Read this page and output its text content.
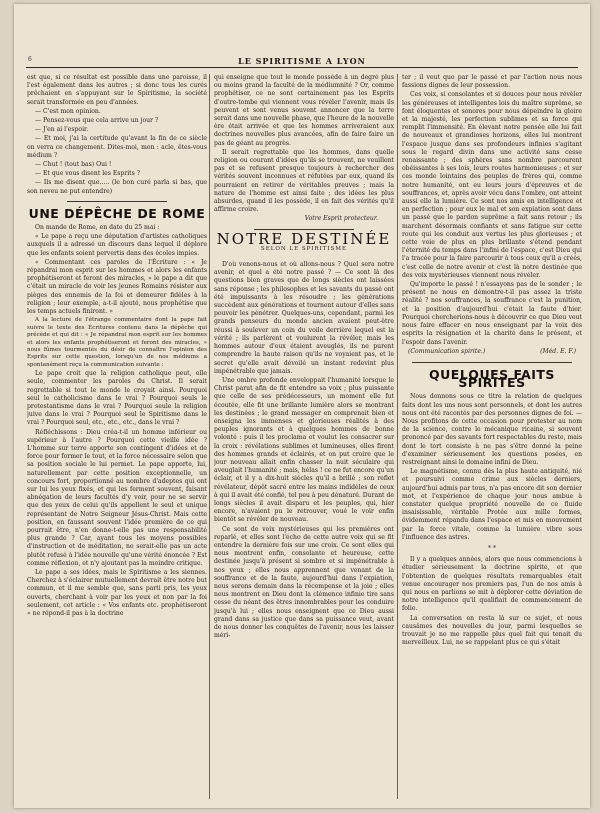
6	LE SPIRITISME A LYON

est que, si ce résultat est possible dans une paroisse, il l'est également dans les autres ; si donc tous les curés prêchaient en s'appuyant sur le Spiritisme, la société serait transformée en peu d'années.

— C'est mon opinion.

— Pensez-vous que cela arrive un jour ?

— J'en ai l'espoir.

— Et moi, j'ai la certitude qu'avant la fin de ce siècle on verra ce changement. Dites-moi, mon : acle, êtes-vous médium ?

— Chut ! (tout bas) Oui !

— Et que vous disent les Esprits ?

— Ils me disent que..... (le bon curé parla si bas, que son neveu ne put entendre)

UNE DÉPÊCHE DE ROME

On mande de Rome, en date du 25 mai :

« Le pape a reçu une députation d'artistes catholiques auxquels il a adressé un discours dans lequel il déplore que les enfants soient pervertis dans des écoles impies.

« Commentant ces paroles de l'Écriture : « Je répandrai mon esprit sur les hommes et alors les enfants prophétiseront et feront des miracles, » le pape a dit que c'était un miracle de voir les jeunes Romains résister aux pièges des ennemis de la foi et demeurer fidèles à la religion ; leur exemple, a-t-il ajouté, nous prophétise que les temps actuels finiront. »

A la lecture de l'étrange commentaire dont la pape fait suivre le texte des Écritures contenu dans la dépêche qui précède et qui dit : « Je répandrai mon esprit sur les hommes et alors les enfants prophétiseront et feront des miracles, » nous fûmes tourmentés du désir de connaître l'opinion des Esprits sur cette question, lorsqu'un de nos médiums a spontanément reçu la communication suivante :

Le pape croit que la religion catholique peut, elle seule, commenter les paroles du Christ. Il serait regrettable si tout le monde le croyait ainsi. Pourquoi seul le catholicisme dans le vrai ? Pourquoi seuls le protestantisme dans le vrai ? Pourquoi seule la religion juive dans le vrai ? Pourquoi seul le Spiritisme dans le vrai ? Pourquoi seul, etc., etc., etc., dans le vrai ?

Réfléchissons : Dieu créa-t-il un homme inférieur ou supérieur à l'autre ? Pourquoi cette vieille idée ? L'homme sur terre apporte son contingent d'idées et de force pour former le tout, et la force nécessaire selon que sa position sociale le lui permet. Le pape apporte, lui, naturellement par cette position exceptionnelle, un concours fort, proportionné au nombre d'adeptes qui ont sur lui les yeux fixés, et qui les ferment souvent, faisant abnégation de leurs facultés d'y voir, pour ne se servir que des yeux de celui qu'ils appellent le seul et unique représentant de Notre Seigneur Jésus-Christ. Mais cette position, en faussant souvent l'idée première de ce qui pourrait être, n'en donne-t-elle pas une responsabilité plus grande ? Car, ayant tous les moyens possibles d'instruction et de méditation, ne serait-elle pas un acte plutôt refusé à l'idée nouvelle qu'une vérité énoncée ? Est comme réflexion, et n'y ajoutant pas la moindre critique.

Le pape a ses idées, mais le Spiritisme a les siennes. Cherchez à s'éclairer mutuellement devrait être notre but commun, et il me semble que, sans parti pris, les yeux ouverts, cherchant à voir par les yeux et non par la foi seulement, cet article : « Vos enfants etc. prophétiseront » ne répond-il pas à la doctrine

qui enseigne que tout le monde possède à un degré plus ou moins grand la faculté de la médiumnité ? Or, comme prophétiser, ce ne sont certainement pas les Esprits d'outre-tombe qui viennent vous révéler l'avenir, mais ils peuvent et sont venus souvent annoncer que la terre serait dans une nouvelle phase, que l'heure de la nouvelle ère était arrivée et que les hommes arriveraient aux doctrines nouvelles plus avancées, afin de faire faire un pas de géant au progrès.

Il serait regrettable que les hommes, dans quelle religion ou courant d'idées qu'ils se trouvent, ne veuillent pas et se refusent presque toujours à rechercher des vérités souvent inconnues et réfutées par eux, quand ils pourraient en retirer de véritables preuves ; mais la nature de l'homme est ainsi faite ; des idées les plus absurdes, quand il les possède, il en fait des vérités qu'il affirme croire.

Votre Esprit protecteur.
NOTRE DESTINÉE
SELON LE SPIRITISME

D'où venons-nous et où allons-nous ? Quel sera notre avenir, et quel a été notre passé ? — Ce sont là des questions bien graves que de longs siècles ont laissées sans réponse ; les philosophes et les savants du passé ont été impuissants à les résoudre ; les générations succèdent aux générations et tournent autour d'elles sans pouvoir les pénétrer. Quelques-uns, cependant, parmi les grands penseurs du monde ancien avaient peut-être réussi à soulever un coin du voile derrière lequel est la vérité ; ils parlèrent et voulurent la révéler, mais les hommes autour d'eux étaient aveuglés, ils ne purent comprendre la haute raison qu'ils ne voyaient pas, et le secret qu'elle avait dévoilé un instant redevint plus impénétrable que jamais.

Une ombre profonde enveloppait l'humanité lorsque le Christ parut afin de fit entendre sa voix ; plus puissante que celle de ses prédécesseurs, un moment elle fut écoutée, elle fit une brillante lumière alors se montrant les destinées ; le grand messager en comprenait bien et enseigna les immenses et glorieuses réalités à des peuples ignorants et à quelques hommes de bonne volonté : puis il les proclama et voulut les consacrer sur la croix : révélations sublimes et lumineuses, elles firent des hommes grands et éclairés, et on put croire que le jour nouveau allait enfin chasser la nuit séculaire qui aveuglait l'humanité ; mais, hélas ! ce ne fut encore qu'un éclair, et il y a dix-huit siècles qu'il a brillé ; son reflet révélateur, dépôt sacré entre les mains indidèles de ceux à qui il avait été confié, tel peu à peu dénaturé. Durant de longs siècles il avait disparu et les peuples, qui, hier encore, n'avaient pu le retrouver, voué le voir enfin bientôt se révéler de nouveau.

Ce sont de voix mystérieuses qui les premières ont reparlé, et elles sont l'écho de cette autre voix qui se fit entendre la dernière fois sur une croix. Ce sont elles qui nous montrent enfin, consolante et heureuse, cette destinée jusqu'à présent si sombre et si impénétrable à nos yeux ; elles nous apprennent que venant de la souffrance et de la faute, aujourd'hui dans l'expiation, nous serons demain dans la récompense et la joie ; elles nous montrent en Dieu dont la clémence infinie tire sans cesse du néant des êtres innombrables pour les conduire jusqu'à lui ; elles nous enseignent que ce Dieu aussi grand dans sa justice que dans sa puissance veut, avant de nous donner les conquêtes de l'avenir, nous les laisser méri-

ter ; il veut que par le passé et par l'action nous nous fassions dignes de leur possession.

Ces voix, si consolantes et si douces pour nous révèler les généreuses et intelligentes lois du maître suprême, se font éloquentes et sonores pour nous dépeindre la gloire et la majesté, les perfection sublimes et sa force qui remplit l'immensité. En élevant notre pensée elle lui fait de nouveaux et grandioses horizons, elles lui montrent l'espace jusque dans ses profondeurs infinies s'agitant sous le regard divin dans une activité sans cesse renaissante ; des sphères sans nombre parcourent obéissantes à ses lois, leurs routes harmonieuses ; et sur ces monde lointains des peuples de frères qui, comme notre humanité, ont eu leurs jours d'épreuves et de souffrances, et, après avoir vécu dans l'ombre, ont atteint aussi elle la lumière. Ce sont nos amis en intelligence et en perfection ; pour eux le mal et son expiation sont dans un passé que le pardon suprême a fait sans retour ; ils marchent désormais confiants et sans fatigue sur cette route qui les conduit aux vertus les plus glorieuses ; et cette voie de plus en plus brillante s'étend pendant l'éternité du temps dans l'infini de l'espace, c'est Dieu qui l'a tracée pour la faire parcourir à tous ceux qu'il a créés, c'est celle de notre avenir et c'est là notre destinée que des voix mystérieuses viennent nous révéler.

Qu'importe le passé ! n'essayons pas de le sonder ; le présent ne nous en démontre-t-il pas assez la triste réalité ? nos souffrances, la souffrance c'est la punition, et la position d'aujourd'hui c'était la faute d'hier. Pourquoi chercherions-nous à découvrir ce que Dieu veut nous faire effacer en nous enseignant par la voix des esprits la résignation et la charité dans le présent, et l'espoir dans l'avenir.

(Communication spirite.)	(Méd. E. F.)
QUELQUES FAITS SPIRITES

Nous donnons sous ce titre la relation de quelques faits dont les uns nous sont personnels, et dont les autres nous ont été racontés par des personnes dignes de foi. — Nous profitons de cette occasion pour protester au nom de la science, contre le mécanique ricaine, si souvent prononcé par des savants fort respectables du reste, mais dont le tort consiste à ne pas s'être donné la peine d'examiner sérieusement les questions posées, en restreignant ainsi le domaine infini de Dieu.

Le magnétisme, connu dès la plus haute antiquité, nié et poursuivi comme crime aux siècles derniers, aujourd'hui admis par tous, n'a pas encore dit son dernier mot, et l'expérience de chaque jour nous ambue à constater quelque propriété nouvelle de ce fluide insaisissable, véritable Protée aux mille formes, évidemment répandu dans l'espace et mis en mouvement par la force vitale, comme la lumière vibre sous l'influence des astres.

* *

Il y a quelques années, alors que nous commencions à étudier sérieusement la doctrine spirite, et que l'obtention de quelques résultats remarquables était venue encourager nos premiers pas, l'un de nos amis à qui nous en parlions se mit à déplorer cette déviation de notre intelligence qu'il qualifiait de commencement de folie.

La conversation en resta là sur ce sujet, et nous causâmes des nouvelles du jour, parmi lesquelles se trouvait je ne me rappelle plus quel fait qui tenait du merveilleux. Lui, ne se rappelant plus ce qui s'était
